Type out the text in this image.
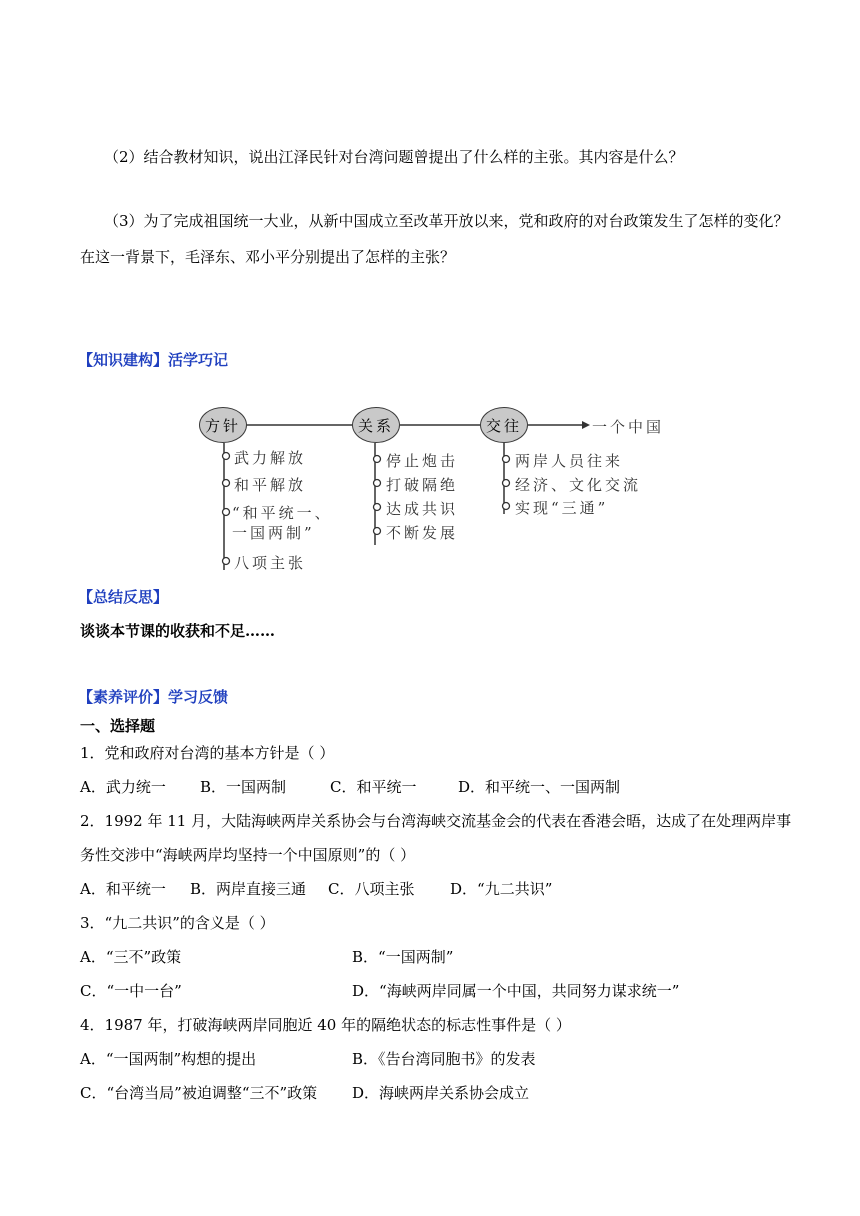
（2）结合教材知识，说出江泽民针对台湾问题曾提出了什么样的主张。其内容是什么？
（3）为了完成祖国统一大业，从新中国成立至改革开放以来，党和政府的对台政策发生了怎样的变化？
在这一背景下，毛泽东、邓小平分别提出了怎样的主张？
【知识建构】活学巧记
方针	关系	交往	一个中国
武力解放
和平解放
“和平统一、
一国两制”
八项主张
停止炮击
打破隔绝
达成共识
不断发展
两岸人员往来
经济、文化交流
实现“三通”
【总结反思】
谈谈本节课的收获和不足……
【素养评价】学习反馈
一、选择题
1．党和政府对台湾的基本方针是（ ）
A．武力统一 B．一国两制	C．和平统一	D．和平统一、一国两制
2．1992 年 11 月，大陆海峡两岸关系协会与台湾海峡交流基金会的代表在香港会晤，达成了在处理两岸事
务性交涉中“海峡两岸均坚持一个中国原则”的（ ）
A．和平统一 B．两岸直接三通 C．八项主张 D．“九二共识”
3．“九二共识”的含义是（ ）
A．“三不”政策	B．“一国两制”
C．“一中一台”	D．“海峡两岸同属一个中国，共同努力谋求统一”
4．1987 年，打破海峡两岸同胞近 40 年的隔绝状态的标志性事件是（ ）
A．“一国两制”构想的提出	B．《告台湾同胞书》的发表
C．“台湾当局”被迫调整“三不”政策 D．海峡两岸关系协会成立
